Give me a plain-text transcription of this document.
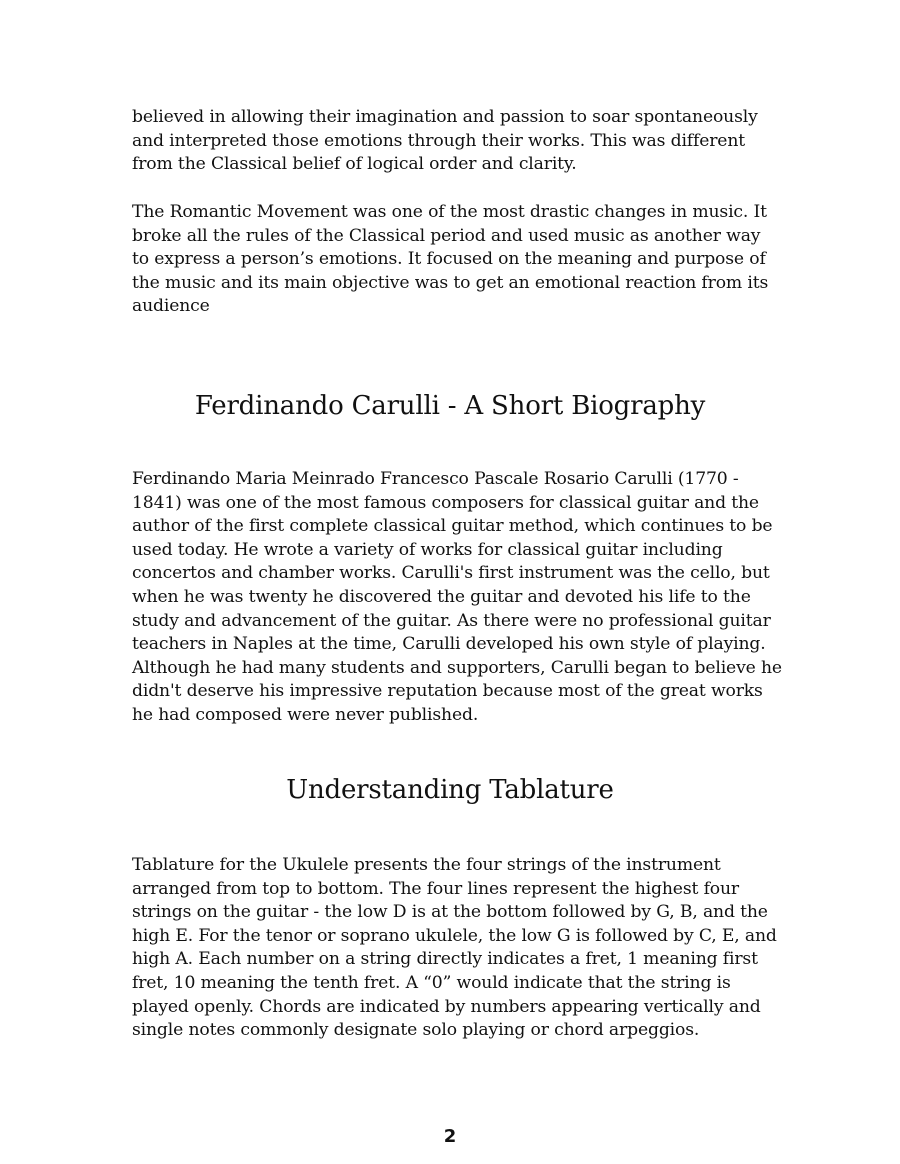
believed in allowing their imagination and passion to soar spontaneously and interpreted those emotions through their works. This was different from the Classical belief of logical order and clarity.

The Romantic Movement was one of the most drastic changes in music. It broke all the rules of the Classical period and used music as another way to express a person’s emotions. It focused on the meaning and purpose of the music and its main objective was to get an emotional reaction from its audience

Ferdinando Carulli - A Short Biography

Ferdinando Maria Meinrado Francesco Pascale Rosario Carulli (1770 - 1841) was one of the most famous composers for classical guitar and the author of the first complete classical guitar method, which continues to be used today. He wrote a variety of works for classical guitar including concertos and chamber works. Carulli's first instrument was the cello, but when he was twenty he discovered the guitar and devoted his life to the study and advancement of the guitar. As there were no professional guitar teachers in Naples at the time, Carulli developed his own style of playing. Although he had many students and supporters, Carulli began to believe he didn't deserve his impressive reputation because most of the great works he had composed were never published.

Understanding Tablature

Tablature for the Ukulele presents the four strings of the instrument arranged from top to bottom. The four lines represent the highest four strings on the guitar - the low D is at the bottom followed by G, B, and the high E. For the tenor or soprano ukulele, the low G is followed by C, E, and high A. Each number on a string directly indicates a fret, 1 meaning first fret, 10 meaning the tenth fret. A “0” would indicate that the string is played openly. Chords are indicated by numbers appearing vertically and single notes commonly designate solo playing or chord arpeggios.

2
